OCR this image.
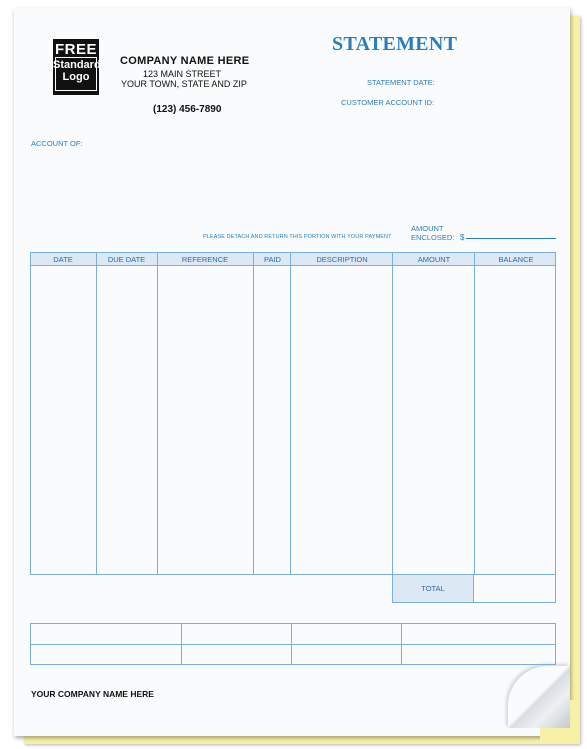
FREE
Standard
Logo
COMPANY NAME HERE
123 MAIN STREET
YOUR TOWN, STATE AND ZIP
(123) 456-7890
STATEMENT
STATEMENT DATE:
CUSTOMER ACCOUNT ID:
ACCOUNT OF:
PLEASE DETACH AND RETURN THIS PORTION WITH YOUR PAYMENT
AMOUNT
ENCLOSED: $
DATE	DUE DATE	REFERENCE	PAID	DESCRIPTION	AMOUNT	BALANCE
TOTAL
YOUR COMPANY NAME HERE
